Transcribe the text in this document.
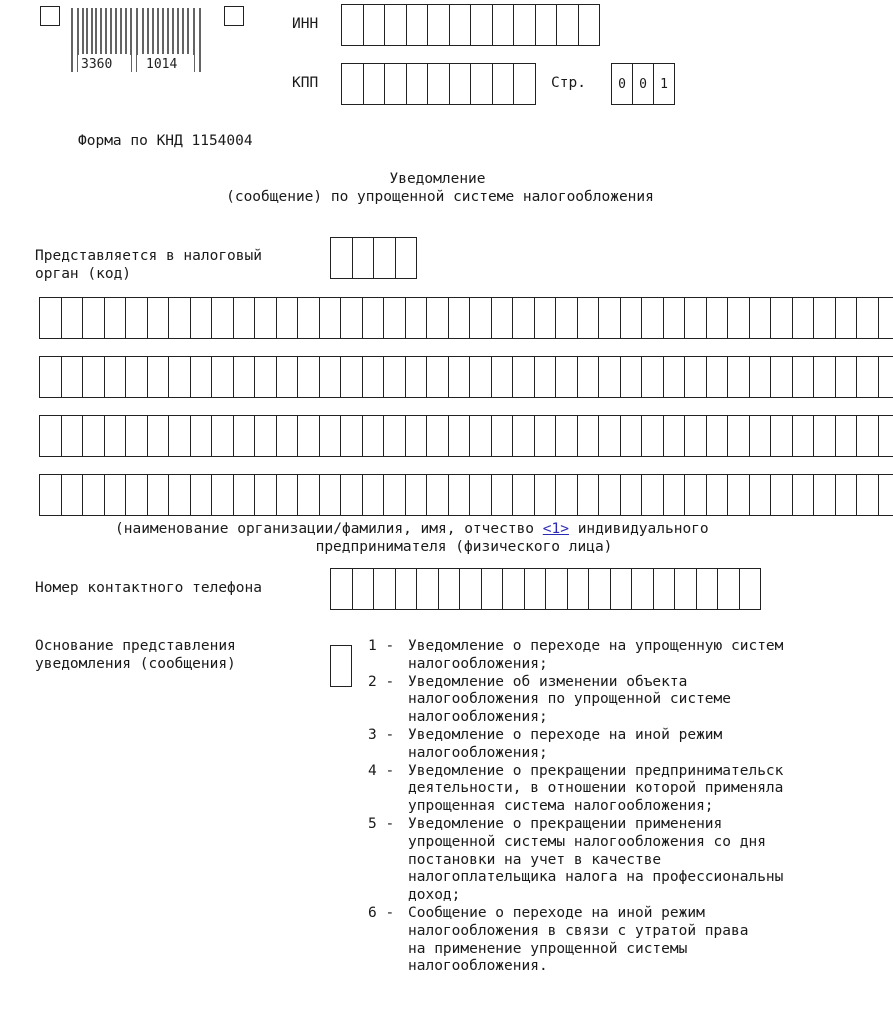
3360	1014
ИНН
КПП	Стр.	0	0	1
Форма по КНД 1154004
Уведомление
(сообщение) по упрощенной системе налогообложения
Представляется в налоговый
орган (код)
(наименование организации/фамилия, имя, отчество <1> индивидуального
предпринимателя (физического лица)
Номер контактного телефона
Основание представления
уведомления (сообщения)
1 - Уведомление о переходе на упрощенную систем
налогообложения;
2 - Уведомление об изменении объекта
налогообложения по упрощенной системе
налогообложения;
3 - Уведомление о переходе на иной режим
налогообложения;
4 - Уведомление о прекращении предпринимательск
деятельности, в отношении которой применяла
упрощенная система налогообложения;
5 - Уведомление о прекращении применения
упрощенной системы налогообложения со дня
постановки на учет в качестве
налогоплательщика налога на профессиональны
доход;
6 - Сообщение о переходе на иной режим
налогообложения в связи с утратой права
на применение упрощенной системы
налогообложения.
